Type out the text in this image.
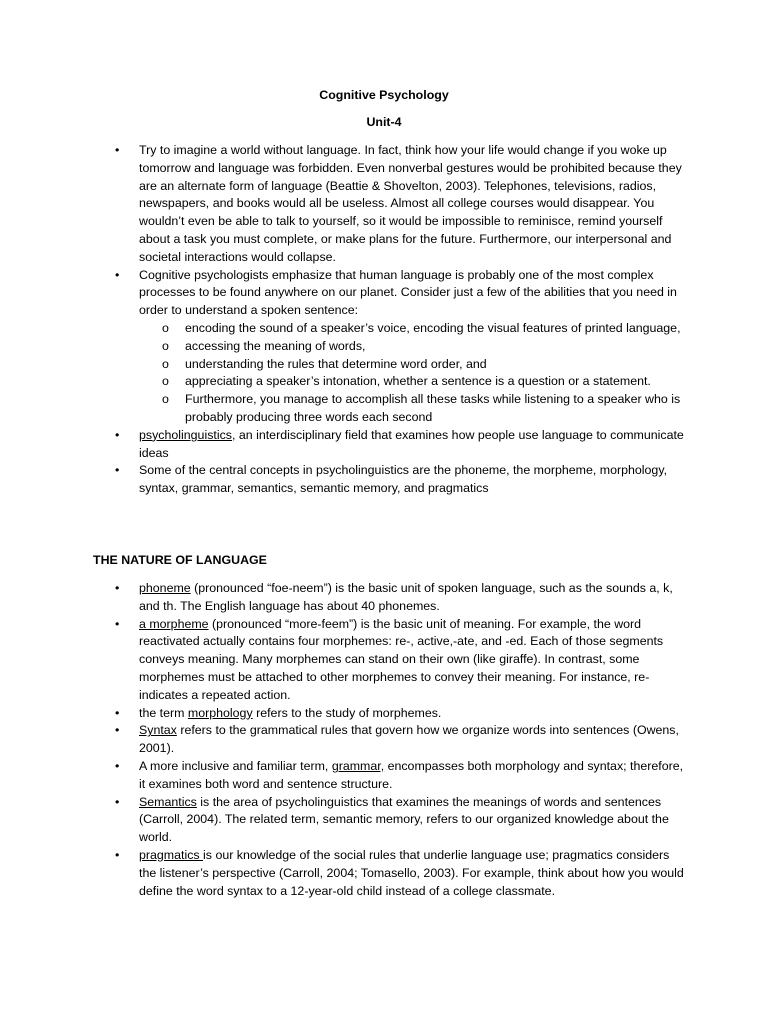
Cognitive Psychology
Unit-4
• Try to imagine a world without language. In fact, think how your life would change if you woke up tomorrow and language was forbidden. Even nonverbal gestures would be prohibited because they are an alternate form of language (Beattie & Shovelton, 2003). Telephones, televisions, radios, newspapers, and books would all be useless. Almost all college courses would disappear. You wouldn’t even be able to talk to yourself, so it would be impossible to reminisce, remind yourself about a task you must complete, or make plans for the future. Furthermore, our interpersonal and societal interactions would collapse.
• Cognitive psychologists emphasize that human language is probably one of the most complex processes to be found anywhere on our planet. Consider just a few of the abilities that you need in order to understand a spoken sentence:
o encoding the sound of a speaker’s voice, encoding the visual features of printed language,
o accessing the meaning of words,
o understanding the rules that determine word order, and
o appreciating a speaker’s intonation, whether a sentence is a question or a statement.
o Furthermore, you manage to accomplish all these tasks while listening to a speaker who is probably producing three words each second
• psycholinguistics, an interdisciplinary field that examines how people use language to communicate ideas
• Some of the central concepts in psycholinguistics are the phoneme, the morpheme, morphology, syntax, grammar, semantics, semantic memory, and pragmatics
THE NATURE OF LANGUAGE
• phoneme (pronounced “foe-neem”) is the basic unit of spoken language, such as the sounds a, k, and th. The English language has about 40 phonemes.
• a morpheme (pronounced “more-feem”) is the basic unit of meaning. For example, the word reactivated actually contains four morphemes: re-, active,-ate, and -ed. Each of those segments conveys meaning. Many morphemes can stand on their own (like giraffe). In contrast, some morphemes must be attached to other morphemes to convey their meaning. For instance, re- indicates a repeated action.
• the term morphology refers to the study of morphemes.
• Syntax refers to the grammatical rules that govern how we organize words into sentences (Owens, 2001).
• A more inclusive and familiar term, grammar, encompasses both morphology and syntax; therefore, it examines both word and sentence structure.
• Semantics is the area of psycholinguistics that examines the meanings of words and sentences (Carroll, 2004). The related term, semantic memory, refers to our organized knowledge about the world.
• pragmatics is our knowledge of the social rules that underlie language use; pragmatics considers the listener’s perspective (Carroll, 2004; Tomasello, 2003). For example, think about how you would define the word syntax to a 12-year-old child instead of a college classmate.
